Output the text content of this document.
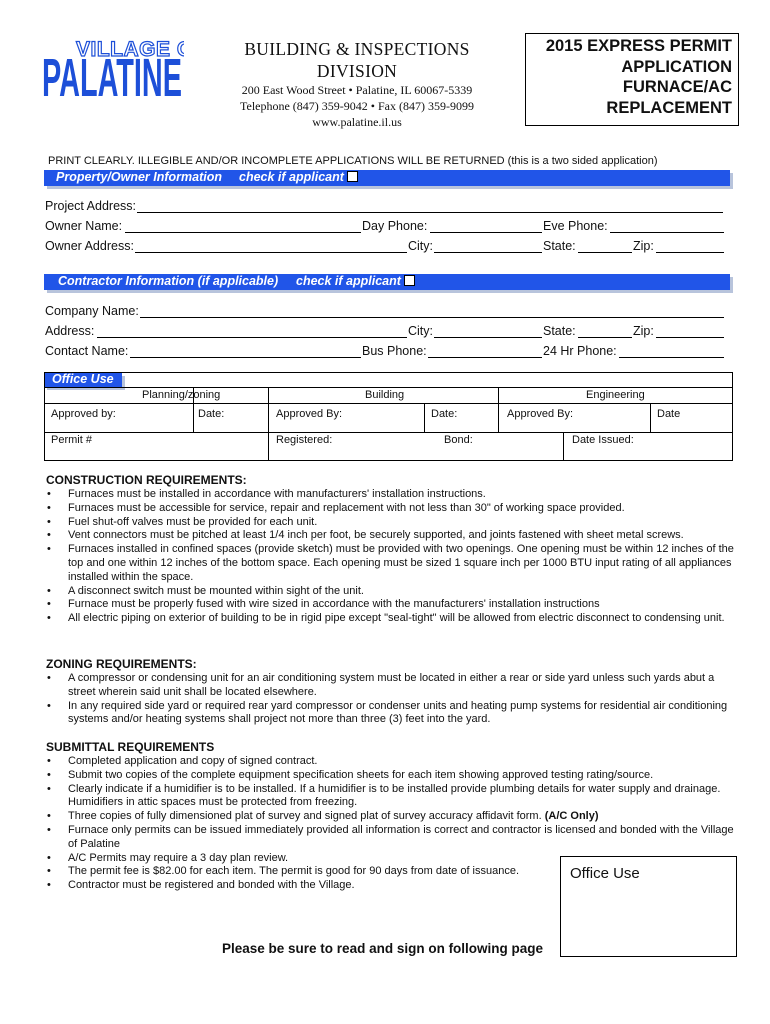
VILLAGE
PALATINE	BUILDING & INSPECTIONS
DIVISION
200 East Wood Street • Palatine, IL 60067-5339
Telephone (847) 359-9042 • Fax (847) 359-9099
www.palatine.il.us
2015 EXPRESS PERMIT
APPLICATION
FURNACE/AC
REPLACEMENT
PRINT CLEARLY. ILLEGIBLE AND/OR INCOMPLETE APPLICATIONS WILL BE RETURNED (this is a two sided application)
Property/Owner Information check if applicant
Project Address:
Owner Name:	Day Phone:	Eve Phone:
Owner Address:	City:	State:	Zip:
Contractor Information (if applicable) check if applicant
Company Name:
Address:	City:	State:	Zip:
Contact Name:	Bus Phone:	24 Hr Phone:
Office Use
Planning/zoning	Building	Engineering
Approved by:	Date:	Approved By:	Date:	Approved By:	Date
Permit #	Registered:	Bond:	Date Issued:
CONSTRUCTION REQUIREMENTS:
• Furnaces must be installed in accordance with manufacturers' installation instructions.
• Furnaces must be accessible for service, repair and replacement with not less than 30" of working space provided.
• Fuel shut-off valves must be provided for each unit.
• Vent connectors must be pitched at least 1/4 inch per foot, be securely supported, and joints fastened with sheet metal screws.
• Furnaces installed in confined spaces (provide sketch) must be provided with two openings. One opening must be within 12 inches of the top and one within 12 inches of the bottom space. Each opening must be sized 1 square inch per 1000 BTU input rating of all appliances installed within the space.
• A disconnect switch must be mounted within sight of the unit.
• Furnace must be properly fused with wire sized in accordance with the manufacturers' installation instructions
• All electric piping on exterior of building to be in rigid pipe except "seal-tight" will be allowed from electric disconnect to condensing unit.
ZONING REQUIREMENTS:
• A compressor or condensing unit for an air conditioning system must be located in either a rear or side yard unless such yards abut a street wherein said unit shall be located elsewhere.
• In any required side yard or required rear yard compressor or condenser units and heating pump systems for residential air conditioning systems and/or heating systems shall project not more than three (3) feet into the yard.
SUBMITTAL REQUIREMENTS
• Completed application and copy of signed contract.
• Submit two copies of the complete equipment specification sheets for each item showing approved testing rating/source.
• Clearly indicate if a humidifier is to be installed. If a humidifier is to be installed provide plumbing details for water supply and drainage. Humidifiers in attic spaces must be protected from freezing.
• Three copies of fully dimensioned plat of survey and signed plat of survey accuracy affidavit form. (A/C Only)
• Furnace only permits can be issued immediately provided all information is correct and contractor is licensed and bonded with the Village of Palatine
• A/C Permits may require a 3 day plan review.
• The permit fee is $82.00 for each item. The permit is good for 90 days from date of issuance.
• Contractor must be registered and bonded with the Village.
Office Use
Please be sure to read and sign on following page
